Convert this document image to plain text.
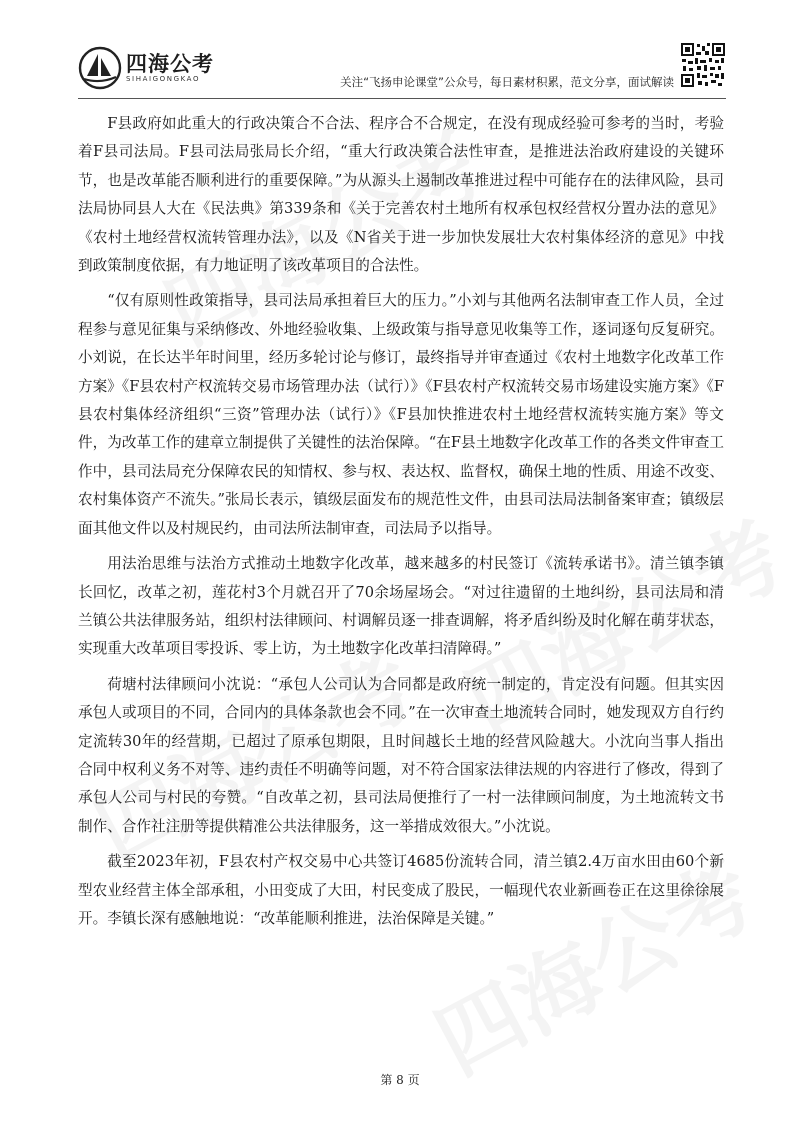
四海公考
SIHAIGONGKAO	关注“飞扬申论课堂”公众号，每日素材积累，范文分享，面试解读

F县政府如此重大的行政决策合不合法、程序合不合规定，在没有现成经验可参考的当时，考验着F县司法局。F县司法局张局长介绍，“重大行政决策合法性审查，是推进法治政府建设的关键环节，也是改革能否顺利进行的重要保障。”为从源头上遏制改革推进过程中可能存在的法律风险，县司法局协同县人大在《民法典》第339条和《关于完善农村土地所有权承包权经营权分置办法的意见》《农村土地经营权流转管理办法》，以及《N省关于进一步加快发展壮大农村集体经济的意见》中找到政策制度依据，有力地证明了该改革项目的合法性。

“仅有原则性政策指导，县司法局承担着巨大的压力。”小刘与其他两名法制审查工作人员，全过程参与意见征集与采纳修改、外地经验收集、上级政策与指导意见收集等工作，逐词逐句反复研究。小刘说，在长达半年时间里，经历多轮讨论与修订，最终指导并审查通过《农村土地数字化改革工作方案》《F县农村产权流转交易市场管理办法（试行）》《F县农村产权流转交易市场建设实施方案》《F县农村集体经济组织“三资”管理办法（试行）》《F县加快推进农村土地经营权流转实施方案》等文件，为改革工作的建章立制提供了关键性的法治保障。“在F县土地数字化改革工作的各类文件审查工作中，县司法局充分保障农民的知情权、参与权、表达权、监督权，确保土地的性质、用途不改变、农村集体资产不流失。”张局长表示，镇级层面发布的规范性文件，由县司法局法制备案审查；镇级层面其他文件以及村规民约，由司法所法制审查，司法局予以指导。

用法治思维与法治方式推动土地数字化改革，越来越多的村民签订《流转承诺书》。清兰镇李镇长回忆，改革之初，莲花村3个月就召开了70余场屋场会。“对过往遗留的土地纠纷，县司法局和清兰镇公共法律服务站，组织村法律顾问、村调解员逐一排查调解，将矛盾纠纷及时化解在萌芽状态，实现重大改革项目零投诉、零上访，为土地数字化改革扫清障碍。”

荷塘村法律顾问小沈说：“承包人公司认为合同都是政府统一制定的，肯定没有问题。但其实因承包人或项目的不同，合同内的具体条款也会不同。”在一次审查土地流转合同时，她发现双方自行约定流转30年的经营期，已超过了原承包期限，且时间越长土地的经营风险越大。小沈向当事人指出合同中权利义务不对等、违约责任不明确等问题，对不符合国家法律法规的内容进行了修改，得到了承包人公司与村民的夸赞。“自改革之初，县司法局便推行了一村一法律顾问制度，为土地流转文书制作、合作社注册等提供精准公共法律服务，这一举措成效很大。”小沈说。

截至2023年初，F县农村产权交易中心共签订4685份流转合同，清兰镇2.4万亩水田由60个新型农业经营主体全部承租，小田变成了大田，村民变成了股民，一幅现代农业新画卷正在这里徐徐展开。李镇长深有感触地说：“改革能顺利推进，法治保障是关键。”

第 8 页
